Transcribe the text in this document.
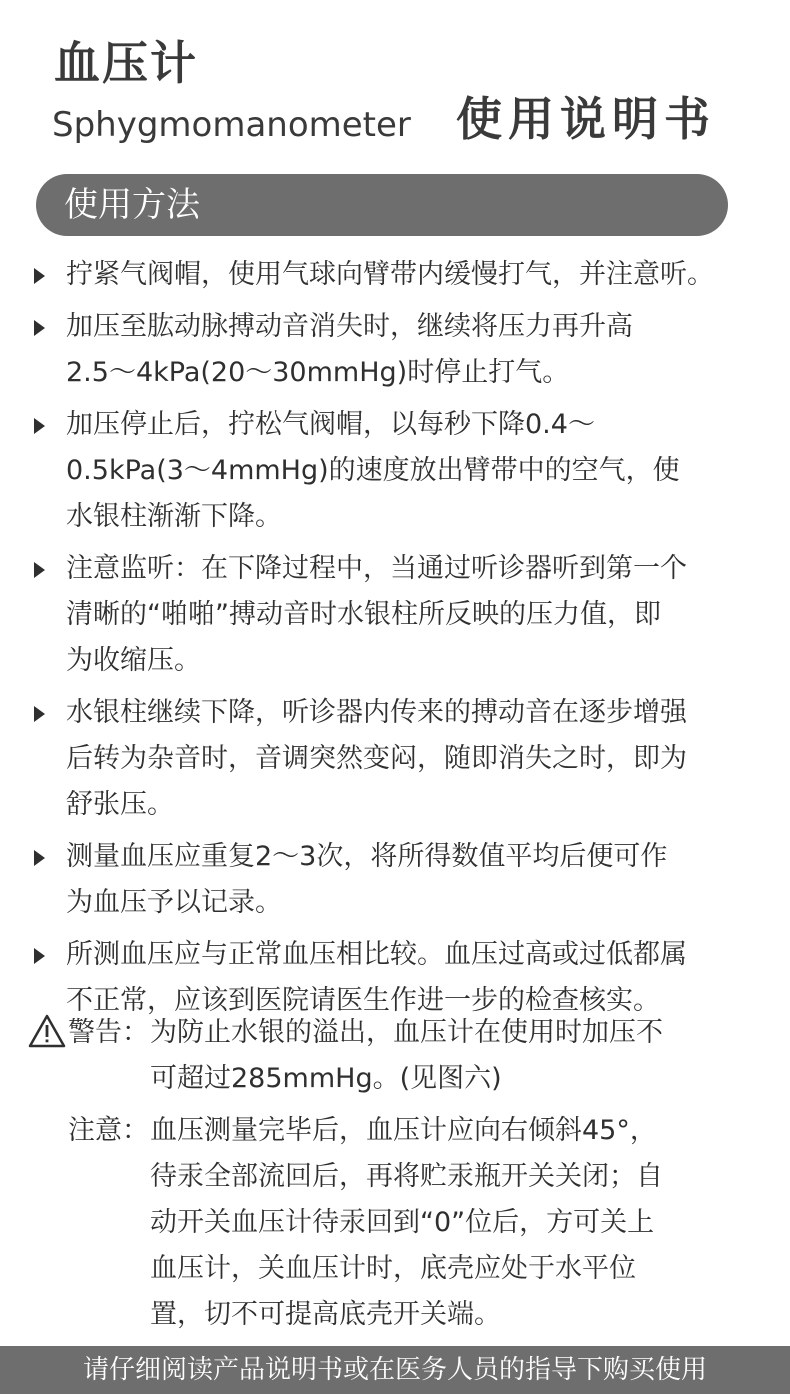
血压计
Sphygmomanometer 使用说明书
使用方法
拧紧气阀帽，使用气球向臂带内缓慢打气，并注意听。
加压至肱动脉搏动音消失时，继续将压力再升高
2.5～4kPa(20～30mmHg)时停止打气。
加压停止后，拧松气阀帽，以每秒下降0.4～
0.5kPa(3～4mmHg)的速度放出臂带中的空气，使
水银柱渐渐下降。
注意监听：在下降过程中，当通过听诊器听到第一个
清晰的“啪啪”搏动音时水银柱所反映的压力值，即
为收缩压。
水银柱继续下降，听诊器内传来的搏动音在逐步增强
后转为杂音时，音调突然变闷，随即消失之时，即为
舒张压。
测量血压应重复2～3次，将所得数值平均后便可作
为血压予以记录。
所测血压应与正常血压相比较。血压过高或过低都属
不正常，应该到医院请医生作进一步的检查核实。
警告： 为防止水银的溢出，血压计在使用时加压不
可超过285mmHg。(见图六)
注意： 血压测量完毕后，血压计应向右倾斜45°，
待汞全部流回后，再将贮汞瓶开关关闭；自
动开关血压计待汞回到“0”位后，方可关上
血压计，关血压计时，底壳应处于水平位
置，切不可提高底壳开关端。
请仔细阅读产品说明书或在医务人员的指导下购买使用
